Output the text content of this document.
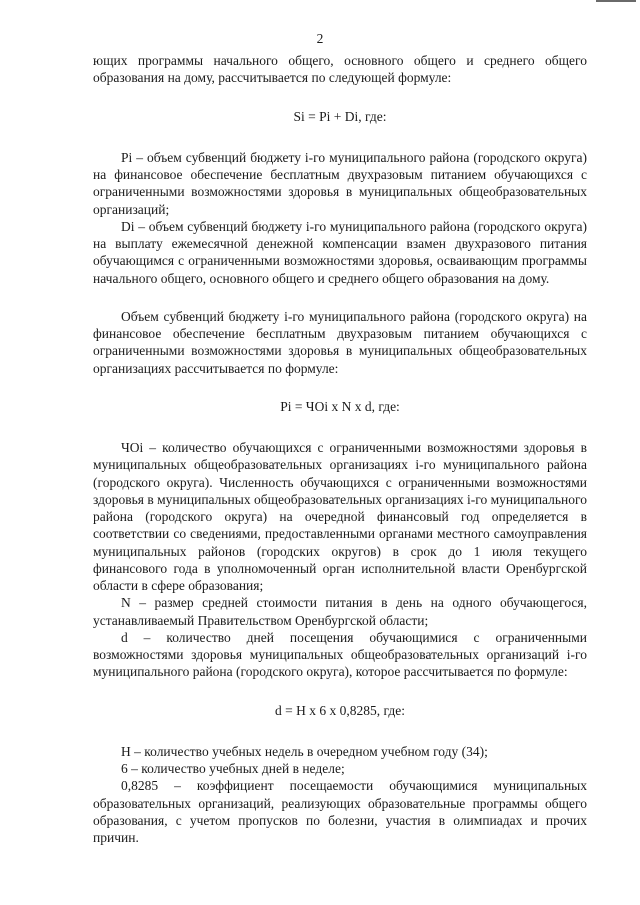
2

ющих программы начального общего, основного общего и среднего общего образования на дому, рассчитывается по следующей формуле:

Si = Pi + Di, где:

Pi – объем субвенций бюджету i-го муниципального района (городского округа) на финансовое обеспечение бесплатным двухразовым питанием обучающихся с ограниченными возможностями здоровья в муниципальных общеобразовательных организаций;

Di – объем субвенций бюджету i-го муниципального района (городского округа) на выплату ежемесячной денежной компенсации взамен двухразового питания обучающимся с ограниченными возможностями здоровья, осваивающим программы начального общего, основного общего и среднего общего образования на дому.

Объем субвенций бюджету i-го муниципального района (городского округа) на финансовое обеспечение бесплатным двухразовым питанием обучающихся с ограниченными возможностями здоровья в муниципальных общеобразовательных организациях рассчитывается по формуле:

Pi = ЧOi x N x d, где:

ЧOi – количество обучающихся с ограниченными возможностями здоровья в муниципальных общеобразовательных организациях i-го муниципального района (городского округа). Численность обучающихся с ограниченными возможностями здоровья в муниципальных общеобразовательных организациях i-го муниципального района (городского округа) на очередной финансовый год определяется в соответствии со сведениями, предоставленными органами местного самоуправления муниципальных районов (городских округов) в срок до 1 июля текущего финансового года в уполномоченный орган исполнительной власти Оренбургской области в сфере образования;

N – размер средней стоимости питания в день на одного обучающегося, устанавливаемый Правительством Оренбургской области;

d – количество дней посещения обучающимися с ограниченными возможностями здоровья муниципальных общеобразовательных организаций i-го муниципального района (городского округа), которое рассчитывается по формуле:

d = H x 6 x 0,8285, где:

Н – количество учебных недель в очередном учебном году (34);

6 – количество учебных дней в неделе;

0,8285 – коэффициент посещаемости обучающимися муниципальных образовательных организаций, реализующих образовательные программы общего образования, с учетом пропусков по болезни, участия в олимпиадах и прочих причин.
